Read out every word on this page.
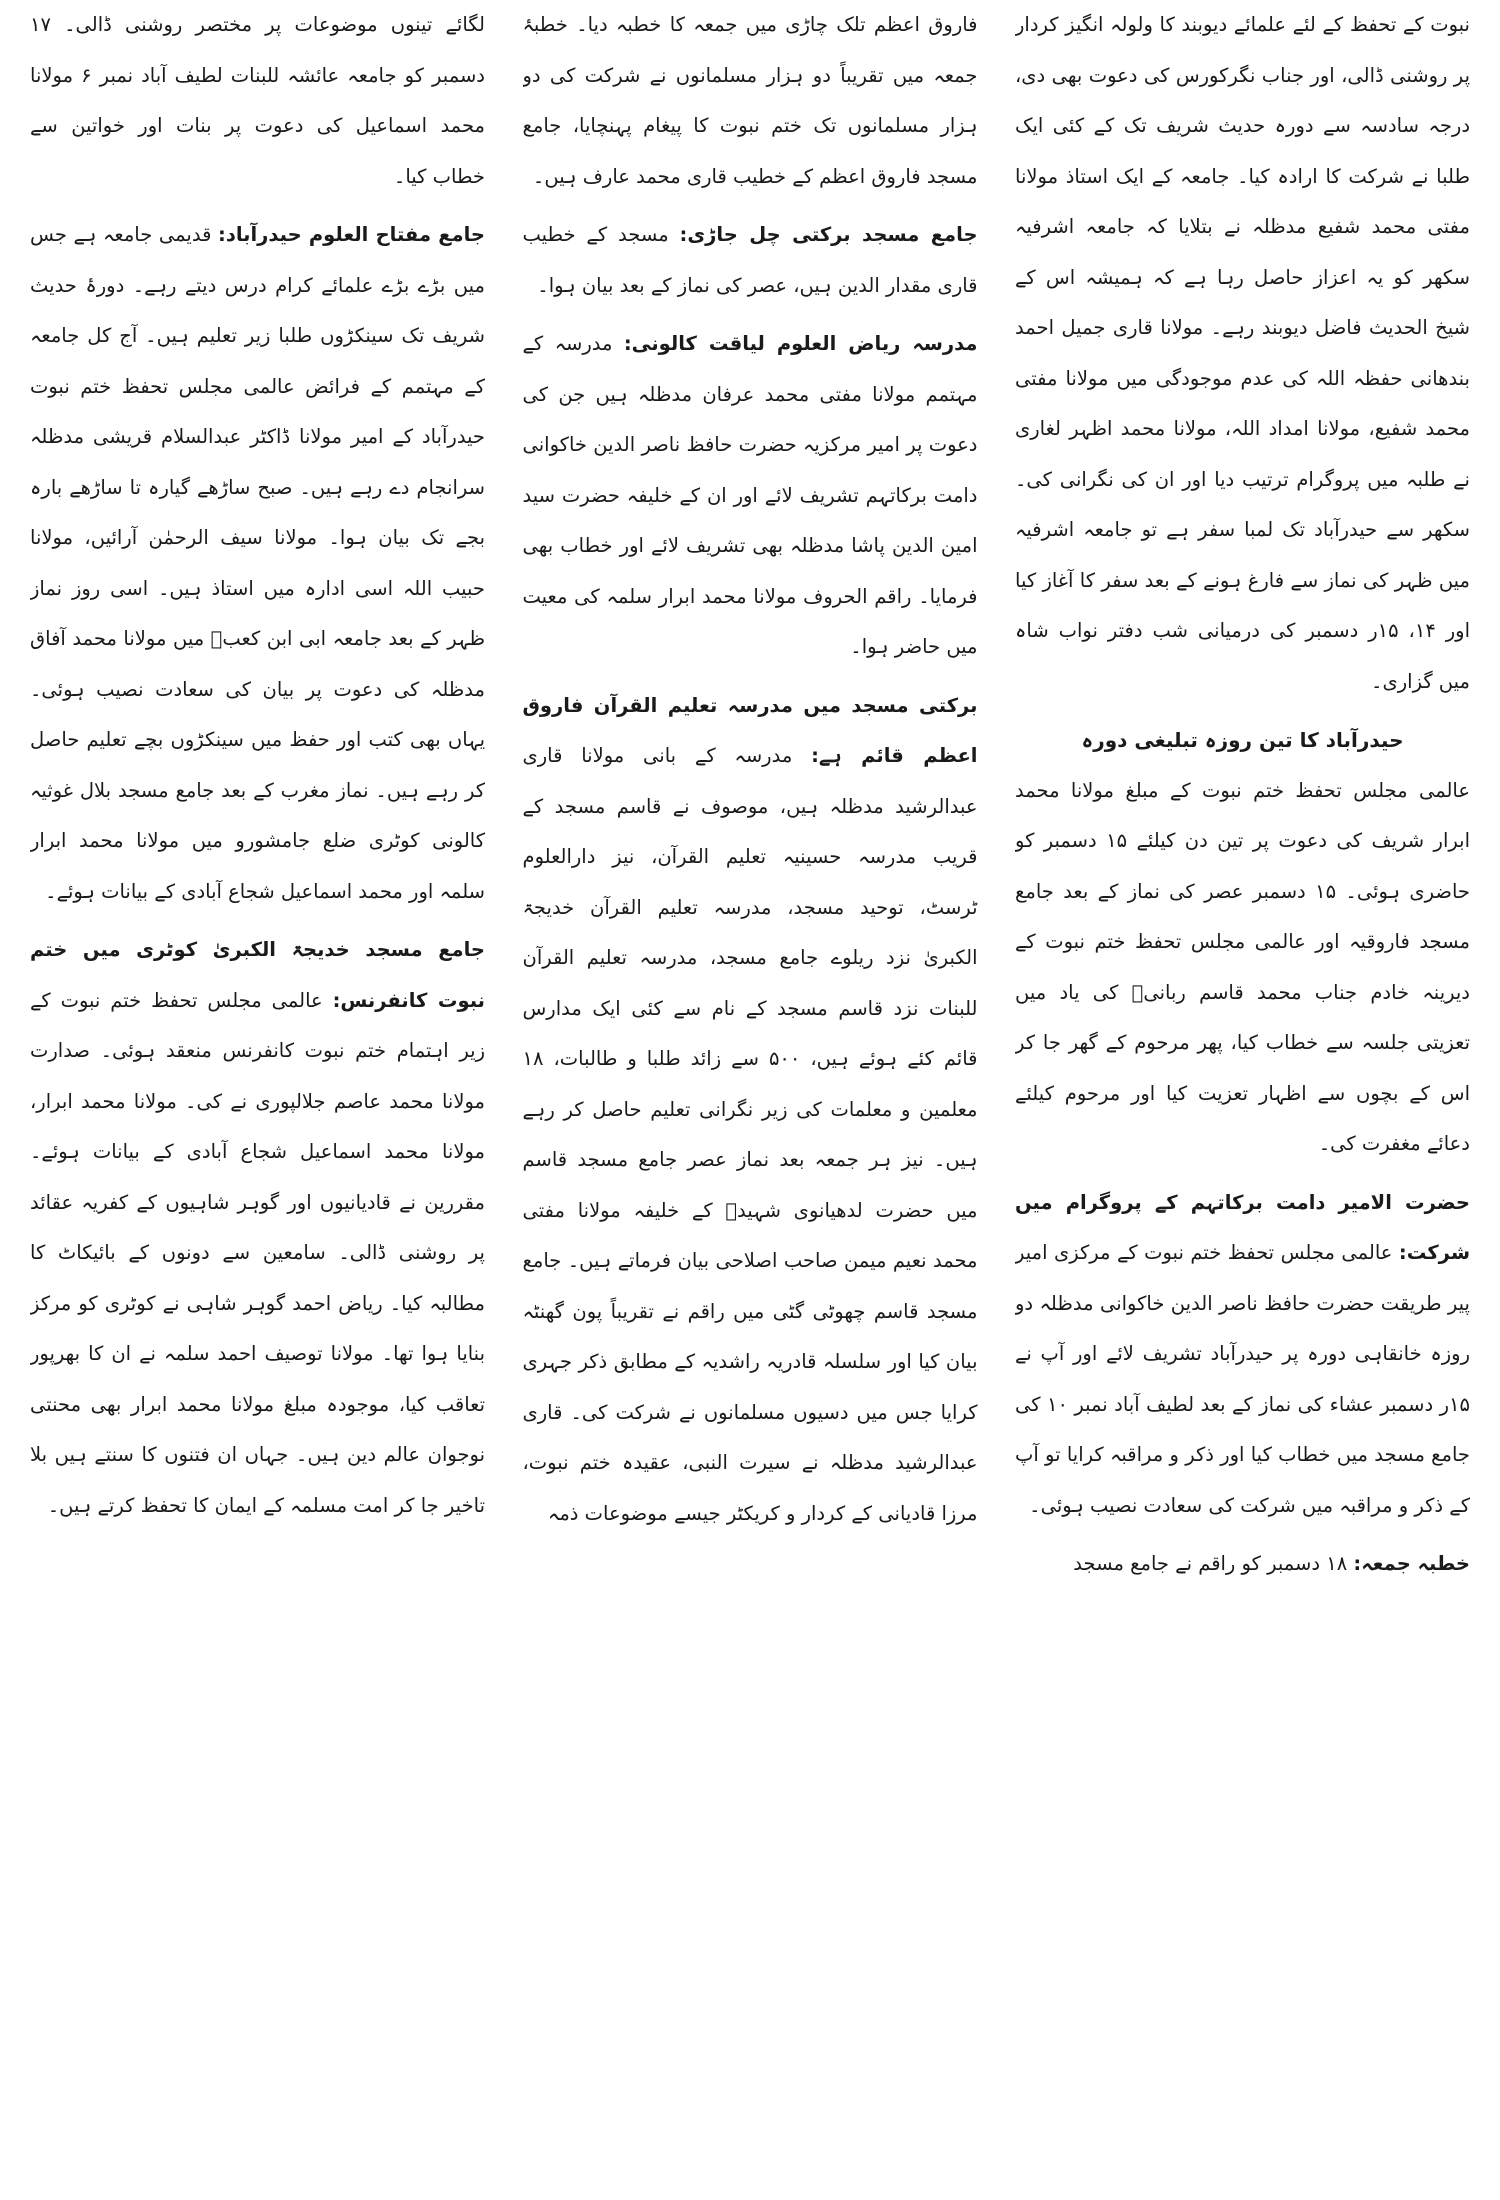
نبوت کے تحفظ کے لئے علمائے دیوبند کا ولولہ انگیز کردار پر روشنی ڈالی، اور جناب نگرکورس کی دعوت بھی دی، درجہ سادسہ سے دورہ حدیث شریف تک کے کئی ایک طلبا نے شرکت کا ارادہ کیا۔ جامعہ کے ایک استاذ مولانا مفتی محمد شفیع مدظلہ نے بتلایا کہ جامعہ اشرفیہ سکھر کو یہ اعزاز حاصل رہا ہے کہ ہمیشہ اس کے شیخ الحدیث فاضل دیوبند رہے۔ مولانا قاری جمیل احمد بندھانی حفظہ اللہ کی عدم موجودگی میں مولانا مفتی محمد شفیع، مولانا امداد اللہ، مولانا محمد اظہر لغاری نے طلبہ میں پروگرام ترتیب دیا اور ان کی نگرانی کی۔ سکھر سے حیدرآباد تک لمبا سفر ہے تو جامعہ اشرفیہ میں ظہر کی نماز سے فارغ ہونے کے بعد سفر کا آغاز کیا اور ۱۴، ۱۵ر دسمبر کی درمیانی شب دفتر نواب شاہ میں گزاری۔

حیدرآباد کا تین روزہ تبلیغی دورہ

عالمی مجلس تحفظ ختم نبوت کے مبلغ مولانا محمد ابرار شریف کی دعوت پر تین دن کیلئے ۱۵ دسمبر کو حاضری ہوئی۔ ۱۵ دسمبر عصر کی نماز کے بعد جامع مسجد فاروقیہ اور عالمی مجلس تحفظ ختم نبوت کے دیرینہ خادم جناب محمد قاسم ربانیؒ کی یاد میں تعزیتی جلسہ سے خطاب کیا، پھر مرحوم کے گھر جا کر اس کے بچوں سے اظہار تعزیت کیا اور مرحوم کیلئے دعائے مغفرت کی۔

حضرت الامیر دامت برکاتہم کے پروگرام میں شرکت: عالمی مجلس تحفظ ختم نبوت کے مرکزی امیر پیر طریقت حضرت حافظ ناصر الدین خاکوانی مدظلہ دو روزہ خانقاہی دورہ پر حیدرآباد تشریف لائے اور آپ نے ۱۵ر دسمبر عشاء کی نماز کے بعد لطیف آباد نمبر ۱۰ کی جامع مسجد میں خطاب کیا اور ذکر و مراقبہ کرایا تو آپ کے ذکر و مراقبہ میں شرکت کی سعادت نصیب ہوئی۔

خطبہ جمعہ: ۱۸ دسمبر کو راقم نے جامع مسجد

فاروق اعظم تلک چاڑی میں جمعہ کا خطبہ دیا۔ خطبۂ جمعہ میں تقریباً دو ہزار مسلمانوں نے شرکت کی دو ہزار مسلمانوں تک ختم نبوت کا پیغام پہنچایا، جامع مسجد فاروق اعظم کے خطیب قاری محمد عارف ہیں۔

جامع مسجد برکتی چل جاڑی: مسجد کے خطیب قاری مقدار الدین ہیں، عصر کی نماز کے بعد بیان ہوا۔

مدرسہ ریاض العلوم لیاقت کالونی: مدرسہ کے مہتمم مولانا مفتی محمد عرفان مدظلہ ہیں جن کی دعوت پر امیر مرکزیہ حضرت حافظ ناصر الدین خاکوانی دامت برکاتہم تشریف لائے اور ان کے خلیفہ حضرت سید امین الدین پاشا مدظلہ بھی تشریف لائے اور خطاب بھی فرمایا۔ راقم الحروف مولانا محمد ابرار سلمہ کی معیت میں حاضر ہوا۔

برکتی مسجد میں مدرسہ تعلیم القرآن فاروق اعظم قائم ہے: مدرسہ کے بانی مولانا قاری عبدالرشید مدظلہ ہیں، موصوف نے قاسم مسجد کے قریب مدرسہ حسینیہ تعلیم القرآن، نیز دارالعلوم ٹرسٹ، توحید مسجد، مدرسہ تعلیم القرآن خدیجۃ الکبریٰ نزد ریلوے جامع مسجد، مدرسہ تعلیم القرآن للبنات نزد قاسم مسجد کے نام سے کئی ایک مدارس قائم کئے ہوئے ہیں، ۵۰۰ سے زائد طلبا و طالبات، ۱۸ معلمین و معلمات کی زیر نگرانی تعلیم حاصل کر رہے ہیں۔ نیز ہر جمعہ بعد نماز عصر جامع مسجد قاسم میں حضرت لدھیانوی شہیدؒ کے خلیفہ مولانا مفتی محمد نعیم میمن صاحب اصلاحی بیان فرماتے ہیں۔ جامع مسجد قاسم چھوٹی گٹی میں راقم نے تقریباً پون گھنٹہ بیان کیا اور سلسلہ قادریہ راشدیہ کے مطابق ذکر جہری کرایا جس میں دسیوں مسلمانوں نے شرکت کی۔ قاری عبدالرشید مدظلہ نے سیرت النبی، عقیدہ ختم نبوت، مرزا قادیانی کے کردار و کریکٹر جیسے موضوعات ذمہ

لگائے تینوں موضوعات پر مختصر روشنی ڈالی۔ ۱۷ دسمبر کو جامعہ عائشہ للبنات لطیف آباد نمبر ۶ مولانا محمد اسماعیل کی دعوت پر بنات اور خواتین سے خطاب کیا۔

جامع مفتاح العلوم حیدرآباد: قدیمی جامعہ ہے جس میں بڑے بڑے علمائے کرام درس دیتے رہے۔ دورۂ حدیث شریف تک سینکڑوں طلبا زیر تعلیم ہیں۔ آج کل جامعہ کے مہتمم کے فرائض عالمی مجلس تحفظ ختم نبوت حیدرآباد کے امیر مولانا ڈاکٹر عبدالسلام قریشی مدظلہ سرانجام دے رہے ہیں۔ صبح ساڑھے گیارہ تا ساڑھے بارہ بجے تک بیان ہوا۔ مولانا سیف الرحمٰن آرائیں، مولانا حبیب اللہ اسی ادارہ میں استاذ ہیں۔ اسی روز نماز ظہر کے بعد جامعہ ابی ابن کعبؓ میں مولانا محمد آفاق مدظلہ کی دعوت پر بیان کی سعادت نصیب ہوئی۔ یہاں بھی کتب اور حفظ میں سینکڑوں بچے تعلیم حاصل کر رہے ہیں۔ نماز مغرب کے بعد جامع مسجد بلال غوثیہ کالونی کوٹری ضلع جامشورو میں مولانا محمد ابرار سلمہ اور محمد اسماعیل شجاع آبادی کے بیانات ہوئے۔

جامع مسجد خدیجۃ الکبریٰ کوٹری میں ختم نبوت کانفرنس: عالمی مجلس تحفظ ختم نبوت کے زیر اہتمام ختم نبوت کانفرنس منعقد ہوئی۔ صدارت مولانا محمد عاصم جلالپوری نے کی۔ مولانا محمد ابرار، مولانا محمد اسماعیل شجاع آبادی کے بیانات ہوئے۔ مقررین نے قادیانیوں اور گوہر شاہیوں کے کفریہ عقائد پر روشنی ڈالی۔ سامعین سے دونوں کے بائیکاٹ کا مطالبہ کیا۔ ریاض احمد گوہر شاہی نے کوٹری کو مرکز بنایا ہوا تھا۔ مولانا توصیف احمد سلمہ نے ان کا بھرپور تعاقب کیا، موجودہ مبلغ مولانا محمد ابرار بھی محنتی نوجوان عالم دین ہیں۔ جہاں ان فتنوں کا سنتے ہیں بلا تاخیر جا کر امت مسلمہ کے ایمان کا تحفظ کرتے ہیں۔
